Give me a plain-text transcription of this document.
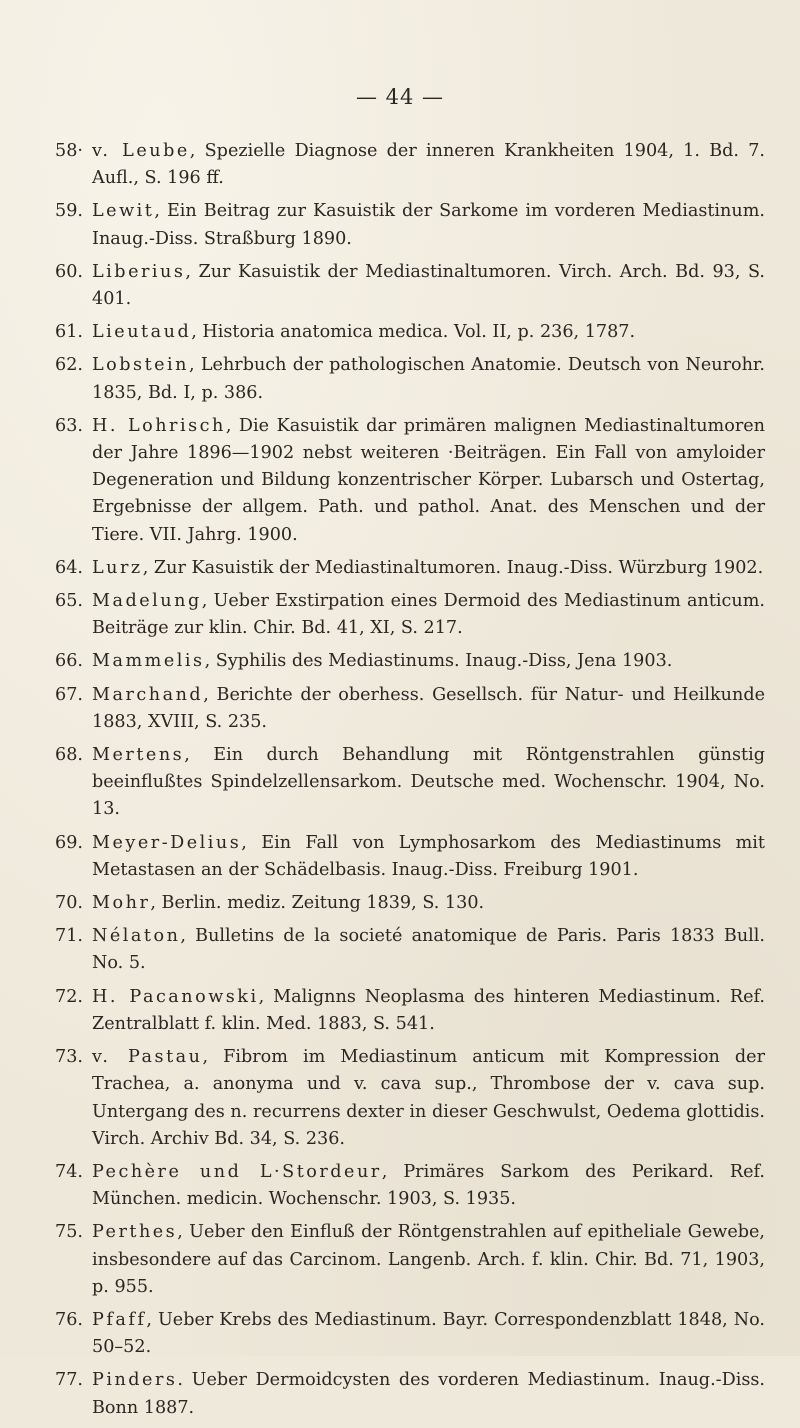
— 44 —
58· v. Leube, Spezielle Diagnose der inneren Krankheiten 1904, 1. Bd. 7. Aufl., S. 196 ff.
59. Lewit, Ein Beitrag zur Kasuistik der Sarkome im vorderen Mediastinum. Inaug.-Diss. Straßburg 1890.
60. Liberius, Zur Kasuistik der Mediastinaltumoren. Virch. Arch. Bd. 93, S. 401.
61. Lieutaud, Historia anatomica medica. Vol. II, p. 236, 1787.
62. Lobstein, Lehrbuch der pathologischen Anatomie. Deutsch von Neurohr. 1835, Bd. I, p. 386.
63. H. Lohrisch, Die Kasuistik dar primären malignen Mediastinaltumoren der Jahre 1896—1902 nebst weiteren ·Beiträgen. Ein Fall von amyloider Degeneration und Bildung konzentrischer Körper. Lubarsch und Ostertag, Ergebnisse der allgem. Path. und pathol. Anat. des Menschen und der Tiere. VII. Jahrg. 1900.
64. Lurz, Zur Kasuistik der Mediastinaltumoren. Inaug.-Diss. Würzburg 1902.
65. Madelung, Ueber Exstirpation eines Dermoid des Mediastinum anticum. Beiträge zur klin. Chir. Bd. 41, XI, S. 217.
66. Mammelis, Syphilis des Mediastinums. Inaug.-Diss, Jena 1903.
67. Marchand, Berichte der oberhess. Gesellsch. für Natur- und Heilkunde 1883, XVIII, S. 235.
68. Mertens, Ein durch Behandlung mit Röntgenstrahlen günstig beeinflußtes Spindelzellensarkom. Deutsche med. Wochenschr. 1904, No. 13.
69. Meyer-Delius, Ein Fall von Lymphosarkom des Mediastinums mit Metastasen an der Schädelbasis. Inaug.-Diss. Freiburg 1901.
70. Mohr, Berlin. mediz. Zeitung 1839, S. 130.
71. Nélaton, Bulletins de la societé anatomique de Paris. Paris 1833 Bull. No. 5.
72. H. Pacanowski, Malignns Neoplasma des hinteren Mediastinum. Ref. Zentralblatt f. klin. Med. 1883, S. 541.
73. v. Pastau, Fibrom im Mediastinum anticum mit Kompression der Trachea, a. anonyma und v. cava sup., Thrombose der v. cava sup. Untergang des n. recurrens dexter in dieser Geschwulst, Oedema glottidis. Virch. Archiv Bd. 34, S. 236.
74. Pechère und L·Stordeur, Primäres Sarkom des Perikard. Ref. München. medicin. Wochenschr. 1903, S. 1935.
75. Perthes, Ueber den Einfluß der Röntgenstrahlen auf epitheliale Gewebe, insbesondere auf das Carcinom. Langenb. Arch. f. klin. Chir. Bd. 71, 1903, p. 955.
76. Pfaff, Ueber Krebs des Mediastinum. Bayr. Correspondenzblatt 1848, No. 50–52.
77. Pinders. Ueber Dermoidcysten des vorderen Mediastinum. Inaug.-Diss. Bonn 1887.
